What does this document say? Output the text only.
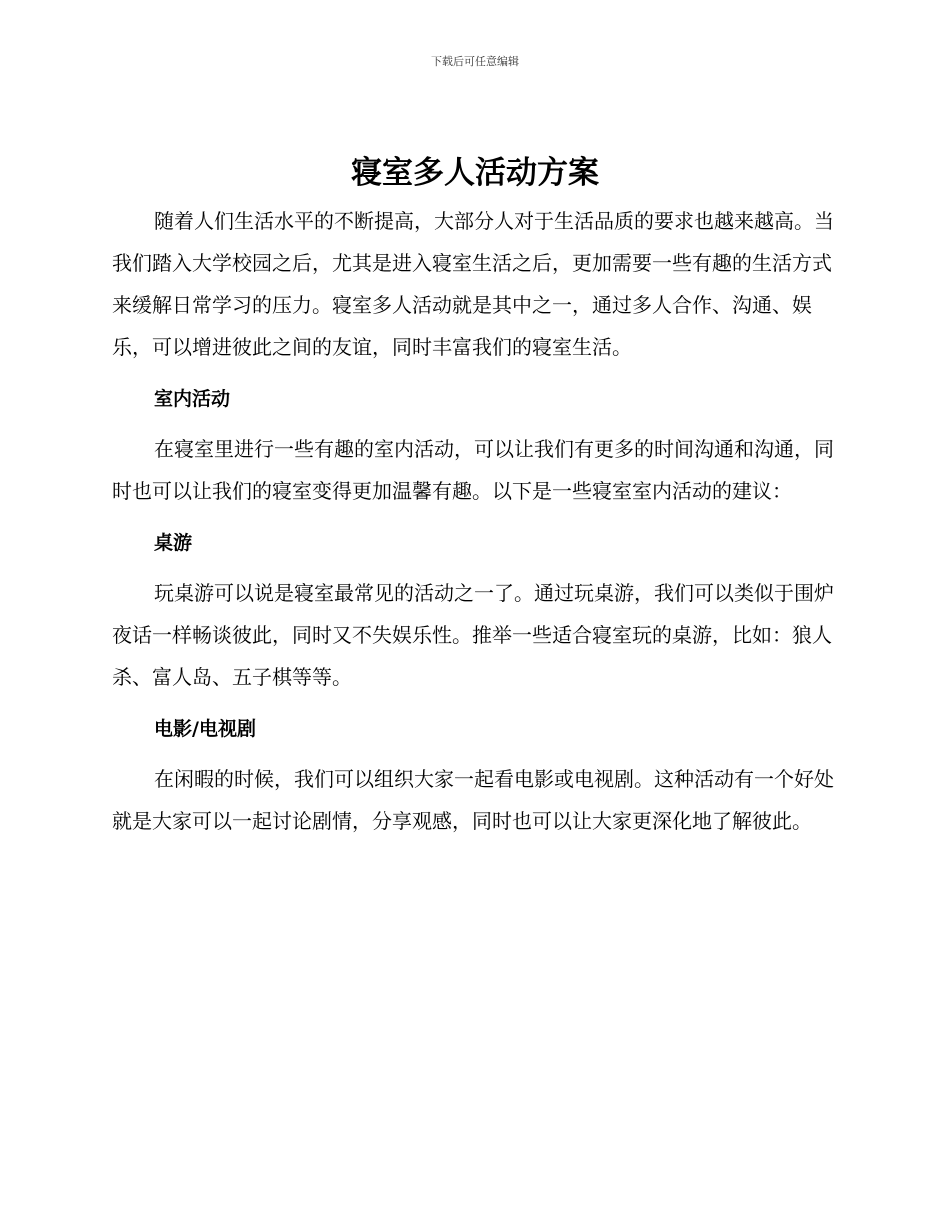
下载后可任意编辑
寝室多人活动方案

随着人们生活水平的不断提高，大部分人对于生活品质的要求也越来越高。当我们踏入大学校园之后，尤其是进入寝室生活之后，更加需要一些有趣的生活方式来缓解日常学习的压力。寝室多人活动就是其中之一，通过多人合作、沟通、娱乐，可以增进彼此之间的友谊，同时丰富我们的寝室生活。

室内活动

在寝室里进行一些有趣的室内活动，可以让我们有更多的时间沟通和沟通，同时也可以让我们的寝室变得更加温馨有趣。以下是一些寝室室内活动的建议：

桌游

玩桌游可以说是寝室最常见的活动之一了。通过玩桌游，我们可以类似于围炉夜话一样畅谈彼此，同时又不失娱乐性。推举一些适合寝室玩的桌游，比如：狼人杀、富人岛、五子棋等等。

电影/电视剧

在闲暇的时候，我们可以组织大家一起看电影或电视剧。这种活动有一个好处就是大家可以一起讨论剧情，分享观感，同时也可以让大家更深化地了解彼此。
